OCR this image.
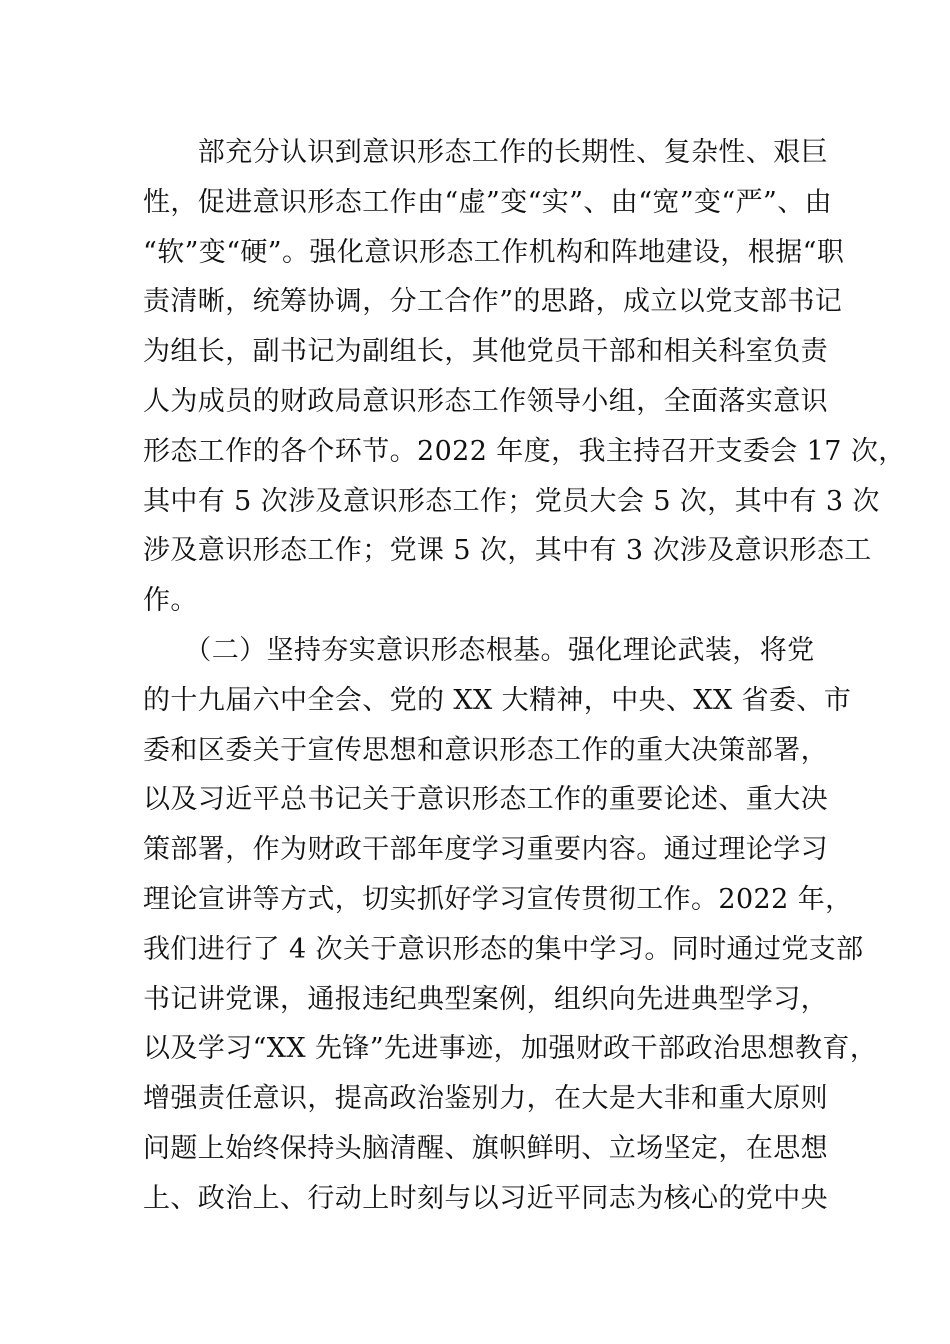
　　部充分认识到意识形态工作的长期性、复杂性、艰巨
性，促进意识形态工作由“虚”变“实”、由“宽”变“严”、由
“软”变“硬”。强化意识形态工作机构和阵地建设，根据“职
责清晰，统筹协调，分工合作”的思路，成立以党支部书记
为组长，副书记为副组长，其他党员干部和相关科室负责
人为成员的财政局意识形态工作领导小组，全面落实意识
形态工作的各个环节。2022 年度，我主持召开支委会 17 次，
其中有 5 次涉及意识形态工作；党员大会 5 次，其中有 3 次
涉及意识形态工作；党课 5 次，其中有 3 次涉及意识形态工
作。
　　（二）坚持夯实意识形态根基。强化理论武装，将党
的十九届六中全会、党的 XX 大精神，中央、XX 省委、市
委和区委关于宣传思想和意识形态工作的重大决策部署，
以及习近平总书记关于意识形态工作的重要论述、重大决
策部署，作为财政干部年度学习重要内容。通过理论学习
理论宣讲等方式，切实抓好学习宣传贯彻工作。2022 年，
我们进行了 4 次关于意识形态的集中学习。同时通过党支部
书记讲党课，通报违纪典型案例，组织向先进典型学习，
以及学习“XX 先锋”先进事迹，加强财政干部政治思想教育，
增强责任意识，提高政治鉴别力，在大是大非和重大原则
问题上始终保持头脑清醒、旗帜鲜明、立场坚定，在思想
上、政治上、行动上时刻与以习近平同志为核心的党中央
